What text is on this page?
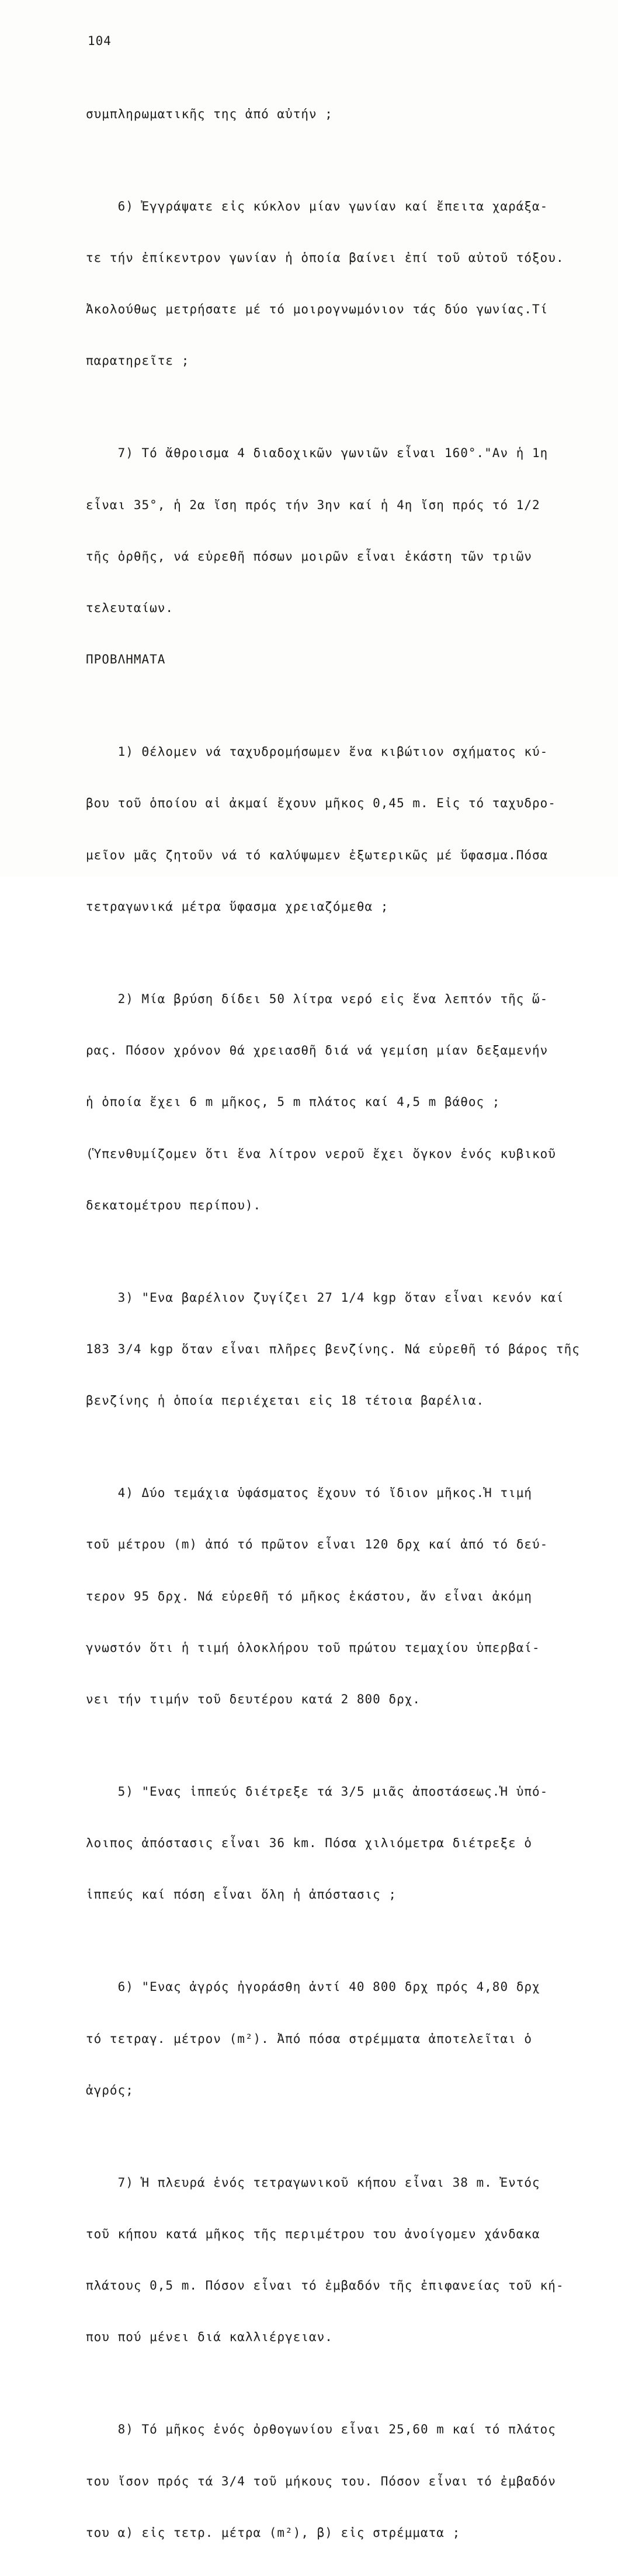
104

συμπληρωματικῆς της ἀπό αὐτήν ;

6) Ἐγγράψατε εἰς κύκλον μίαν γωνίαν καί ἔπειτα χαράξα-

τε τήν ἐπίκεντρον γωνίαν ἡ ὁποία βαίνει ἐπί τοῦ αὐτοῦ τόξου.

Ἀκολούθως μετρήσατε μέ τό μοιρογνωμόνιον τάς δύο γωνίας.Τί

παρατηρεῖτε ;

7) Τό ἄθροισμα 4 διαδοχικῶν γωνιῶν εἶναι 160°."Αν ἡ 1η

εἶναι 35°, ἡ 2α ἴση πρός τήν 3ην καί ἡ 4η ἴση πρός τό 1/2

τῆς ὀρθῆς, νά εὑρεθῆ πόσων μοιρῶν εἶναι ἑκάστη τῶν τριῶν

τελευταίων.

ΠΡΟΒΛΗΜΑΤΑ

1) Θέλομεν νά ταχυδρομήσωμεν ἕνα κιβώτιον σχήματος κύ-

βου τοῦ ὁποίου αἱ ἀκμαί ἔχουν μῆκος 0,45 m. Εἰς τό ταχυδρο-

μεῖον μᾶς ζητοῦν νά τό καλύψωμεν ἐξωτερικῶς μέ ὕφασμα.Πόσα

τετραγωνικά μέτρα ὕφασμα χρειαζόμεθα ;

2) Μία βρύση δίδει 50 λίτρα νερό εἰς ἕνα λεπτόν τῆς ὥ-

ρας. Πόσον χρόνον θά χρειασθῆ διά νά γεμίση μίαν δεξαμενήν

ἡ ὁποία ἔχει 6 m μῆκος, 5 m πλάτος καί 4,5 m βάθος ;

(Ὑπενθυμίζομεν ὅτι ἕνα λίτρον νεροῦ ἔχει ὄγκον ἑνός κυβικοῦ

δεκατομέτρου περίπου).

3) "Ενα βαρέλιον ζυγίζει 27 1/4 kgp ὅταν εἶναι κενόν καί

183 3/4 kgp ὅταν εἶναι πλῆρες βενζίνης. Νά εὑρεθῆ τό βάρος τῆς

βενζίνης ἡ ὁποία περιέχεται εἰς 18 τέτοια βαρέλια.

4) Δύο τεμάχια ὑφάσματος ἔχουν τό ἴδιον μῆκος.Ἡ τιμή

τοῦ μέτρου (m) ἀπό τό πρῶτον εἶναι 120 δρχ καί ἀπό τό δεύ-

τερον 95 δρχ. Νά εὑρεθῆ τό μῆκος ἑκάστου, ἄν εἶναι ἀκόμη

γνωστόν ὅτι ἡ τιμή ὁλοκλήρου τοῦ πρώτου τεμαχίου ὑπερβαί-

νει τήν τιμήν τοῦ δευτέρου κατά 2 800 δρχ.

5) "Ενας ἱππεύς διέτρεξε τά 3/5 μιᾶς ἀποστάσεως.Ἡ ὑπό-

λοιπος ἀπόστασις εἶναι 36 km. Πόσα χιλιόμετρα διέτρεξε ὁ

ἱππεύς καί πόση εἶναι ὅλη ἡ ἀπόστασις ;

6) "Ενας ἀγρός ἠγοράσθη ἀντί 40 800 δρχ πρός 4,80 δρχ

τό τετραγ. μέτρον (m²). Ἀπό πόσα στρέμματα ἀποτελεῖται ὁ

ἀγρός;

7) Ἡ πλευρά ἑνός τετραγωνικοῦ κήπου εἶναι 38 m. Ἐντός

τοῦ κήπου κατά μῆκος τῆς περιμέτρου του ἀνοίγομεν χάνδακα

πλάτους 0,5 m. Πόσον εἶναι τό ἐμβαδόν τῆς ἐπιφανείας τοῦ κή-

που πού μένει διά καλλιέργειαν.

8) Τό μῆκος ἑνός ὀρθογωνίου εἶναι 25,60 m καί τό πλάτος

του ἴσον πρός τά 3/4 τοῦ μήκους του. Πόσον εἶναι τό ἐμβαδόν

του α) εἰς τετρ. μέτρα (m²), β) εἰς στρέμματα ;
